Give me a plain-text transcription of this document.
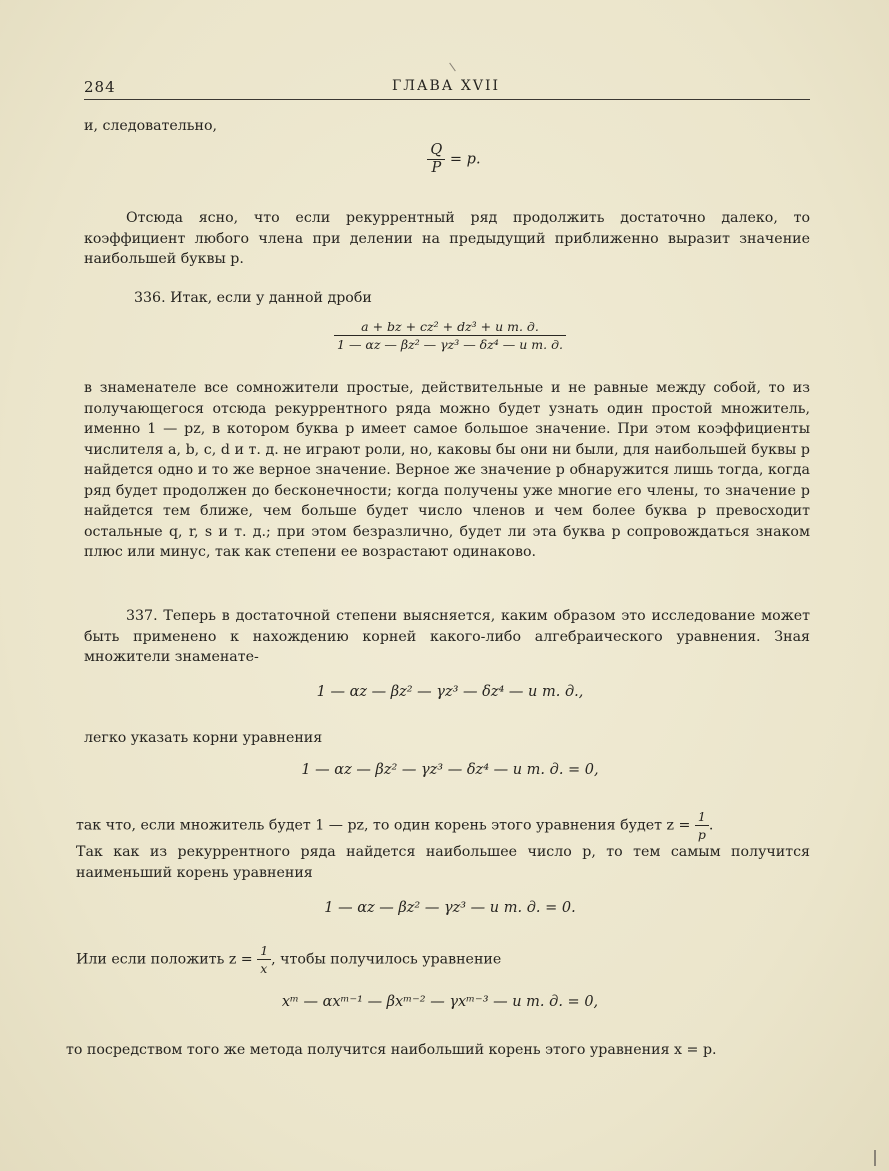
284	ГЛАВА XVII
и, следовательно,
$\frac{Q}{P} = p$.
Отсюда ясно, что если рекуррентный ряд продолжить достаточно далеко, то коэффициент любого члена при делении на предыдущий приближенно выразит значение наибольшей буквы p.
336. Итак, если у данной дроби
$\frac{\text{a + bz + cz² + dz³ + и т. д.}}{\text{1 — αz — βz² — γz³ — δz⁴ — и т. д.}}$
в знаменателе все сомножители простые, действительные и не равные между собой, то из получающегося отсюда рекуррентного ряда можно будет узнать один простой множитель, именно 1 — pz, в котором буква p имеет самое большое значение. При этом коэффициенты числителя a, b, c, d и т. д. не играют роли, но, каковы бы они ни были, для наибольшей буквы p найдется одно и то же верное значение. Верное же значение p обнаружится лишь тогда, когда ряд будет продолжен до бесконечности; когда получены уже многие его члены, то значение p найдется тем ближе, чем больше будет число членов и чем более буква p превосходит остальные q, r, s и т. д.; при этом безразлично, будет ли эта буква p сопровождаться знаком плюс или минус, так как степени ее возрастают одинаково.
337. Теперь в достаточной степени выясняется, каким образом это исследование может быть применено к нахождению корней какого-либо алгебраического уравнения. Зная множители знаменате-
1 — αz — βz² — γz³ — δz⁴ — и т. д.,
легко указать корни уравнения
1 — αz — βz² — γz³ — δz⁴ — и т. д. = 0,
так что, если множитель будет 1 — pz, то один корень этого уравнения будет $z = \frac{1}{p}$ .
Так как из рекуррентного ряда найдется наибольшее число p, то тем самым получится наименьший корень уравнения
1 — αz — βz² — γz³ — и т. д. = 0.
Или если положить $z = \frac{1}{x}$ , чтобы получилось уравнение
xᵐ — αxᵐ⁻¹ — βxᵐ⁻² — γxᵐ⁻³ — и т. д. = 0,
то посредством того же метода получится наибольший корень этого уравнения x = p.
